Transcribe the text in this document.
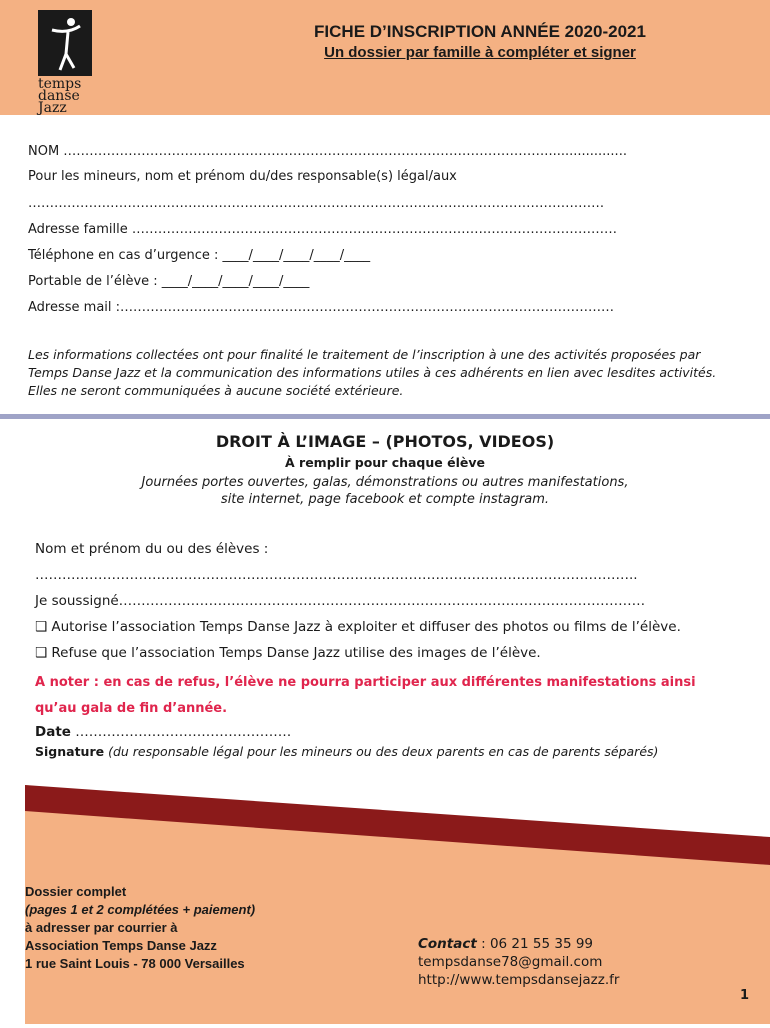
temps
danse
Jazz
FICHE D’INSCRIPTION ANNÉE 2020-2021
Un dossier par famille à compléter et signer
NOM …………………………………………………………………………………………………....................
Pour les mineurs, nom et prénom du/des responsable(s) légal/aux
……………….……………………………………………………………………………………………………
Adresse famille ……………………………………………………………………….…………………………
Téléphone en cas d’urgence : ____/____/____/____/____
Portable de l’élève : ____/____/____/____/____
Adresse mail :……………………………………………………………………………………………………
Les informations collectées ont pour finalité le traitement de l’inscription à une des activités proposées par Temps Danse Jazz et la communication des informations utiles à ces adhérents en lien avec lesdites activités. Elles ne seront communiquées à aucune société extérieure.
DROIT À L’IMAGE – (PHOTOS, VIDEOS)
À remplir pour chaque élève
Journées portes ouvertes, galas, démonstrations ou autres manifestations,
site internet, page facebook et compte instagram.
Nom et prénom du ou des élèves :
……………………………………………………………………………………………………………………..
Je soussigné………………………………………………………………………………………………………
❑ Autorise l’association Temps Danse Jazz à exploiter et diffuser des photos ou films de l’élève.
❑ Refuse que l’association Temps Danse Jazz utilise des images de l’élève.
A noter : en cas de refus, l’élève ne pourra participer aux différentes manifestations ainsi qu’au gala de fin d’année.
Date …………………………………………
Signature (du responsable légal pour les mineurs ou des deux parents en cas de parents séparés)
Dossier complet
(pages 1 et 2 complétées + paiement)
à adresser par courrier à
Association Temps Danse Jazz
1 rue Saint Louis - 78 000 Versailles
Contact : 06 21 55 35 99
tempsdanse78@gmail.com
http://www.tempsdansejazz.fr
1
